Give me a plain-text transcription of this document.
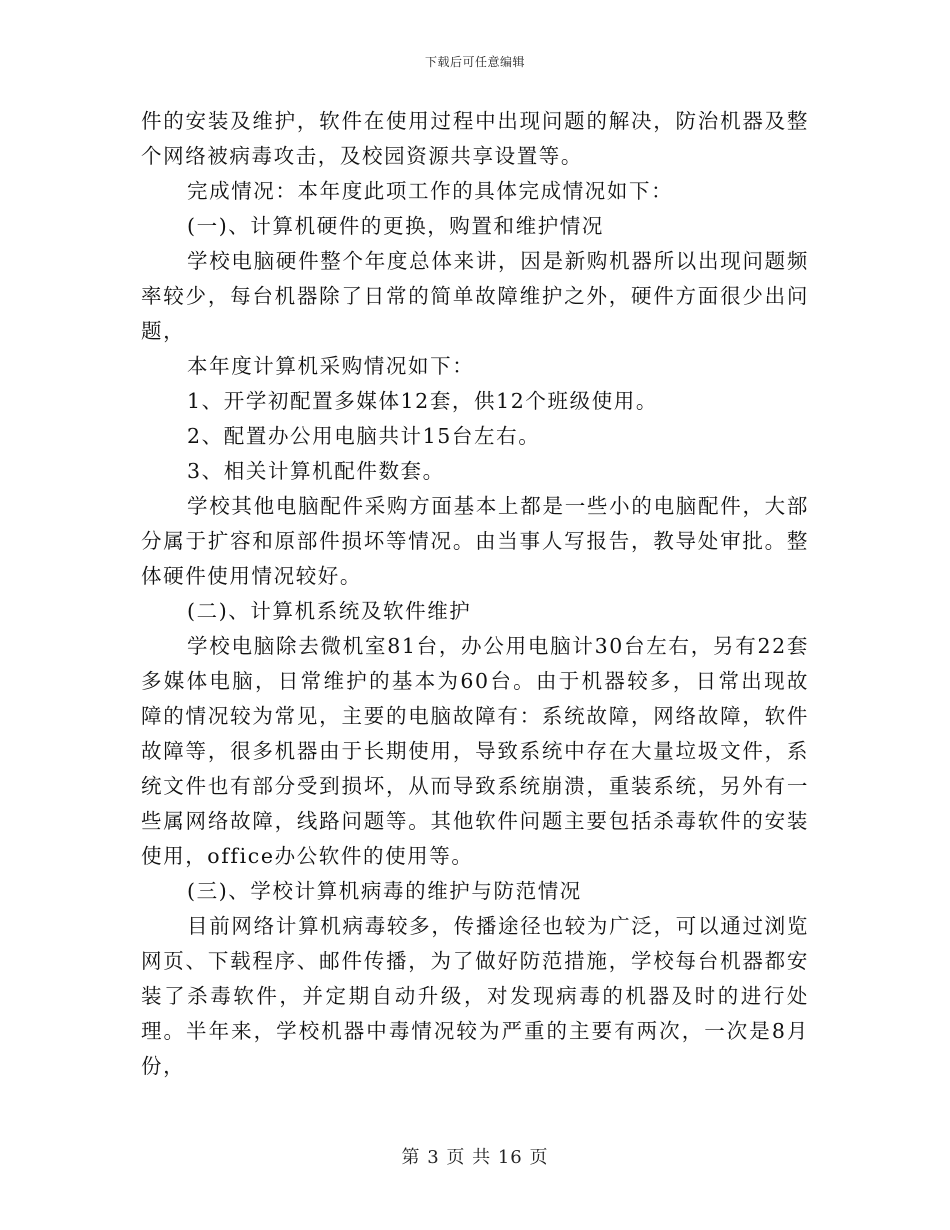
下载后可任意编辑

件的安装及维护，软件在使用过程中出现问题的解决，防治机器及整个网络被病毒攻击，及校园资源共享设置等。

完成情况：本年度此项工作的具体完成情况如下：

(一)、计算机硬件的更换，购置和维护情况

学校电脑硬件整个年度总体来讲，因是新购机器所以出现问题频率较少，每台机器除了日常的简单故障维护之外，硬件方面很少出问题，

本年度计算机采购情况如下：

1、开学初配置多媒体12套，供12个班级使用。

2、配置办公用电脑共计15台左右。

3、相关计算机配件数套。

学校其他电脑配件采购方面基本上都是一些小的电脑配件，大部分属于扩容和原部件损坏等情况。由当事人写报告，教导处审批。整体硬件使用情况较好。

(二)、计算机系统及软件维护

学校电脑除去微机室81台，办公用电脑计30台左右，另有22套多媒体电脑，日常维护的基本为60台。由于机器较多，日常出现故障的情况较为常见，主要的电脑故障有：系统故障，网络故障，软件故障等，很多机器由于长期使用，导致系统中存在大量垃圾文件，系统文件也有部分受到损坏，从而导致系统崩溃，重装系统，另外有一些属网络故障，线路问题等。其他软件问题主要包括杀毒软件的安装使用，office办公软件的使用等。

(三)、学校计算机病毒的维护与防范情况

目前网络计算机病毒较多，传播途径也较为广泛，可以通过浏览网页、下载程序、邮件传播，为了做好防范措施，学校每台机器都安装了杀毒软件，并定期自动升级，对发现病毒的机器及时的进行处理。半年来，学校机器中毒情况较为严重的主要有两次，一次是8月份，

第 3 页 共 16 页
